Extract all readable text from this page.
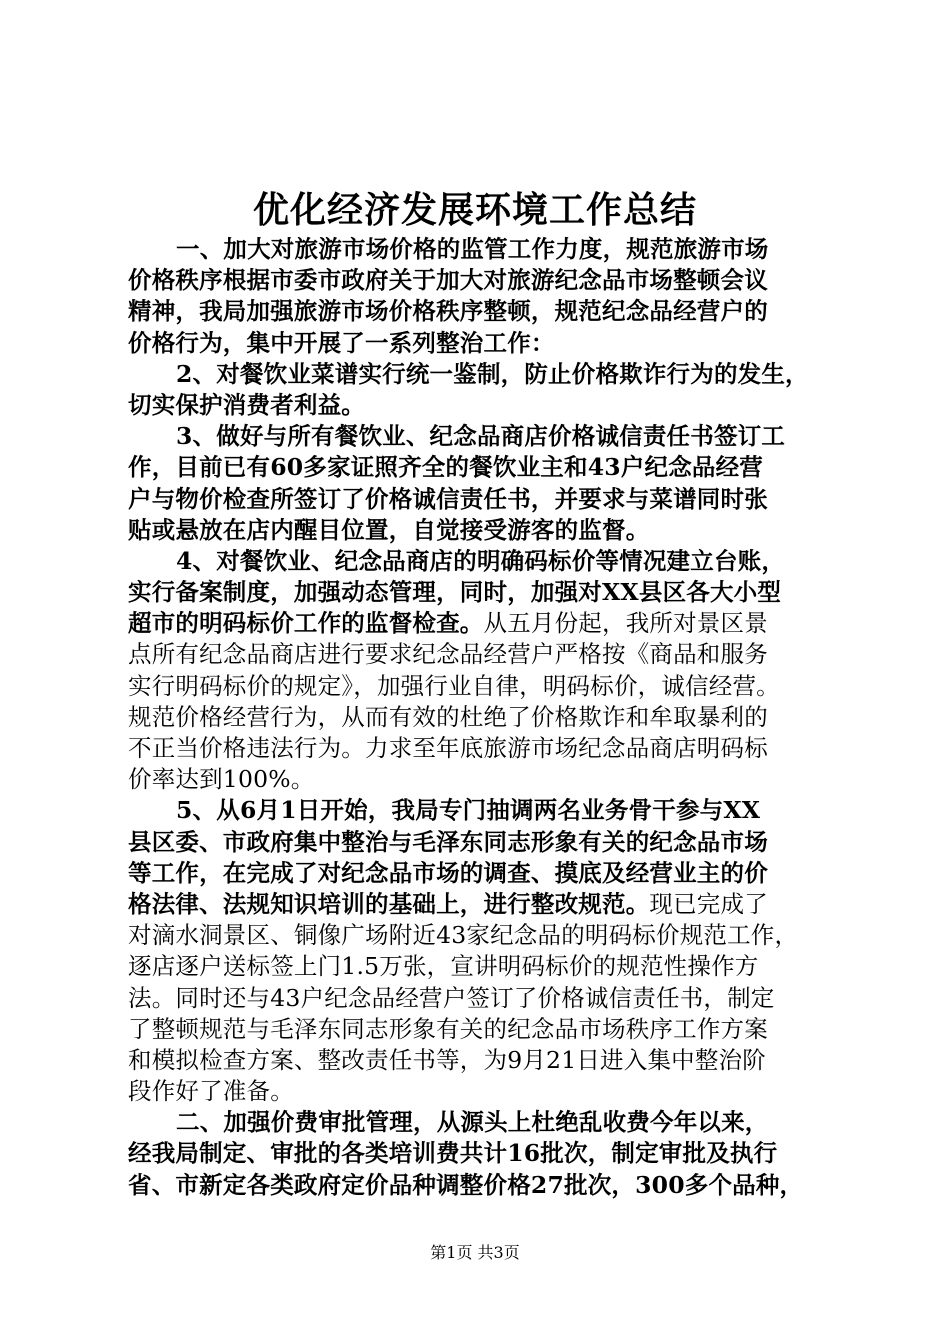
优化经济发展环境工作总结
一、加大对旅游市场价格的监管工作力度，规范旅游市场
价格秩序根据市委市政府关于加大对旅游纪念品市场整顿会议
精神，我局加强旅游市场价格秩序整顿，规范纪念品经营户的
价格行为，集中开展了一系列整治工作：
2、对餐饮业菜谱实行统一鉴制，防止价格欺诈行为的发生，
切实保护消费者利益。
3、做好与所有餐饮业、纪念品商店价格诚信责任书签订工
作，目前已有60多家证照齐全的餐饮业主和43户纪念品经营
户与物价检查所签订了价格诚信责任书，并要求与菜谱同时张
贴或悬放在店内醒目位置，自觉接受游客的监督。
4、对餐饮业、纪念品商店的明确码标价等情况建立台账，
实行备案制度，加强动态管理，同时，加强对XX县区各大小型
超市的明码标价工作的监督检查。从五月份起，我所对景区景
点所有纪念品商店进行要求纪念品经营户严格按《商品和服务
实行明码标价的规定》，加强行业自律，明码标价，诚信经营。
规范价格经营行为，从而有效的杜绝了价格欺诈和牟取暴利的
不正当价格违法行为。力求至年底旅游市场纪念品商店明码标
价率达到100%。
5、从6月1日开始，我局专门抽调两名业务骨干参与XX
县区委、市政府集中整治与毛泽东同志形象有关的纪念品市场
等工作，在完成了对纪念品市场的调查、摸底及经营业主的价
格法律、法规知识培训的基础上，进行整改规范。现已完成了
对滴水洞景区、铜像广场附近43家纪念品的明码标价规范工作，
逐店逐户送标签上门1.5万张，宣讲明码标价的规范性操作方
法。同时还与43户纪念品经营户签订了价格诚信责任书，制定
了整顿规范与毛泽东同志形象有关的纪念品市场秩序工作方案
和模拟检查方案、整改责任书等，为9月21日进入集中整治阶
段作好了准备。
二、加强价费审批管理，从源头上杜绝乱收费今年以来，
经我局制定、审批的各类培训费共计16批次，制定审批及执行
省、市新定各类政府定价品种调整价格27批次，300多个品种，
第1页 共3页
